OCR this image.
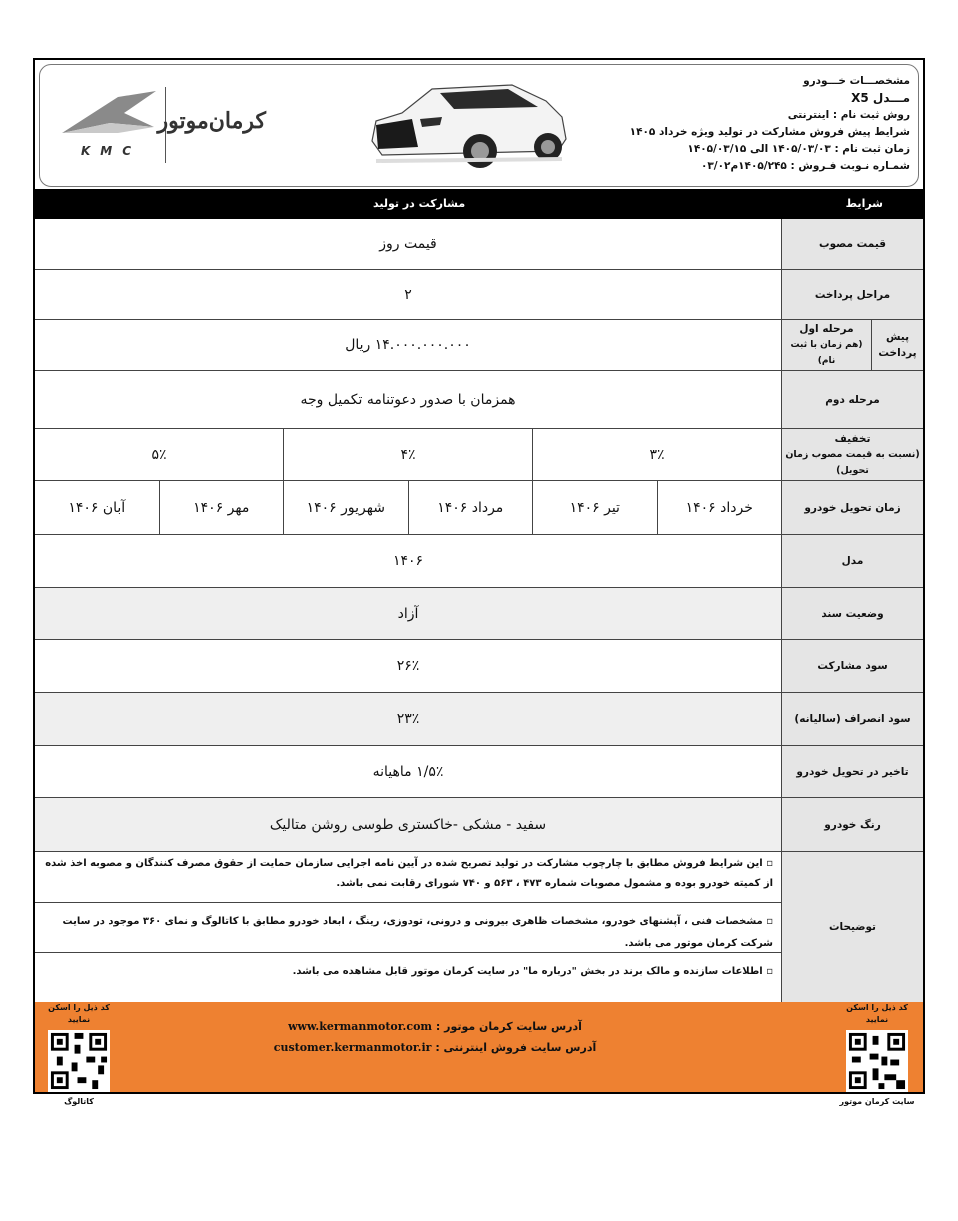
KMC
کرمان‌موتور
مشخصـــات خـــودرو
مـــدل X5
روش ثبت نام : اینترنتی
شرایط پیش فروش مشارکت در تولید ویژه خرداد ۱۴۰۵
زمان ثبت نام : ۱۴۰۵/۰۳/۰۳ الی ۱۴۰۵/۰۳/۱۵
شمـاره نـوبت فـروش : ۱۴۰۵/۲۴۵م۰۳/۰۲
شرایط
مشارکت در تولید
قیمت مصوب
قیمت روز
مراحل پرداخت
۲
پیش پرداخت
مرحله اول
(هم زمان با ثبت نام)
۱۴.۰۰۰.۰۰۰.۰۰۰ ریال
مرحله دوم
همزمان با صدور دعوتنامه تکمیل وجه
تخفیف
(نسبت به قیمت مصوب زمان تحویل)
۳٪
۴٪
۵٪
زمان تحویل خودرو
خرداد ۱۴۰۶
تیر ۱۴۰۶
مرداد ۱۴۰۶
شهریور ۱۴۰۶
مهر ۱۴۰۶
آبان ۱۴۰۶
مدل
۱۴۰۶
وضعیت سند
آزاد
سود مشارکت
۲۶٪
سود انصراف (سالیانه)
۲۳٪
تاخیر در تحویل خودرو
۱/۵٪ ماهیانه
رنگ خودرو
سفید - مشکی -خاکستری طوسی روشن متالیک
توضیحات
▫ این شرایط فروش مطابق با چارچوب مشارکت در تولید تصریح شده در آیین نامه اجرایی سازمان حمایت از حقوق مصرف کنندگان و مصوبه اخذ شده از کمیته خودرو بوده و مشمول مصوبات شماره ۴۷۳ ، ۵۶۳ و ۷۴۰ شورای رقابت نمی باشد.
▫ مشخصات فنی ، آپشنهای خودرو، مشخصات ظاهری بیرونی و درونی، تودوزی، رینگ ، ابعاد خودرو مطابق با کاتالوگ و نمای ۳۶۰ موجود در سایت شرکت کرمان موتور می باشد.
▫ اطلاعات سازنده و مالک برند در بخش "درباره ما" در سایت کرمان موتور قابل مشاهده می باشد.
کد ذیل را اسکن نمایید
سایت کرمان موتور
آدرس سایت کرمان موتور : www.kermanmotor.com
آدرس سایت فروش اینترنتی : customer.kermanmotor.ir
کد ذیل را اسکن نمایید
کاتالوگ
